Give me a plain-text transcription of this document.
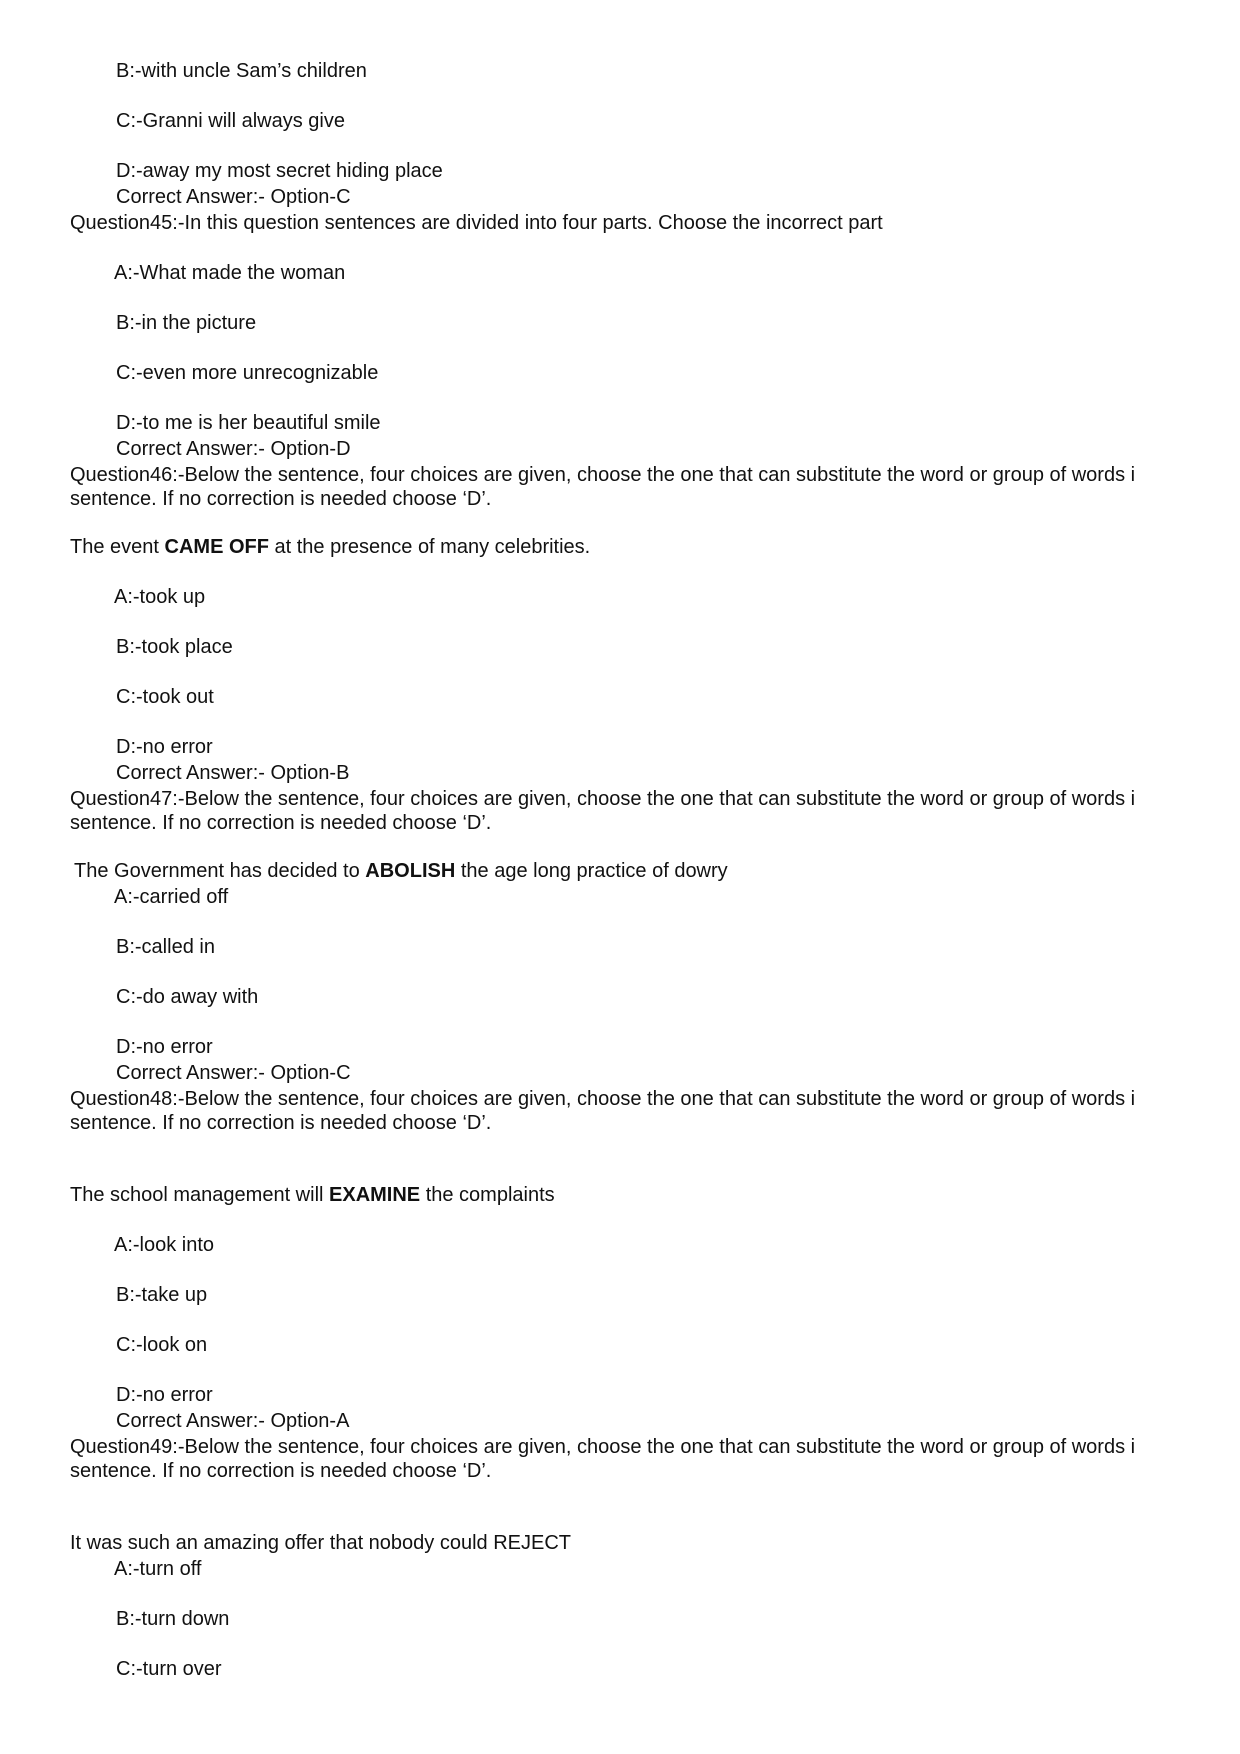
B:-with uncle Sam’s children
C:-Granni will always give
D:-away my most secret hiding place
Correct Answer:- Option-C
Question45:-In this question sentences are divided into four parts. Choose the incorrect part
A:-What made the woman
B:-in the picture
C:-even more unrecognizable
D:-to me is her beautiful smile
Correct Answer:- Option-D
Question46:-Below the sentence, four choices are given, choose the one that can substitute the word or group of words i
sentence. If no correction is needed choose ‘D’.
The event CAME OFF at the presence of many celebrities.
A:-took up
B:-took place
C:-took out
D:-no error
Correct Answer:- Option-B
Question47:-Below the sentence, four choices are given, choose the one that can substitute the word or group of words i
sentence. If no correction is needed choose ‘D’.
The Government has decided to ABOLISH the age long practice of dowry
A:-carried off
B:-called in
C:-do away with
D:-no error
Correct Answer:- Option-C
Question48:-Below the sentence, four choices are given, choose the one that can substitute the word or group of words i
sentence. If no correction is needed choose ‘D’.
The school management will EXAMINE the complaints
A:-look into
B:-take up
C:-look on
D:-no error
Correct Answer:- Option-A
Question49:-Below the sentence, four choices are given, choose the one that can substitute the word or group of words i
sentence. If no correction is needed choose ‘D’.
It was such an amazing offer that nobody could REJECT
A:-turn off
B:-turn down
C:-turn over
